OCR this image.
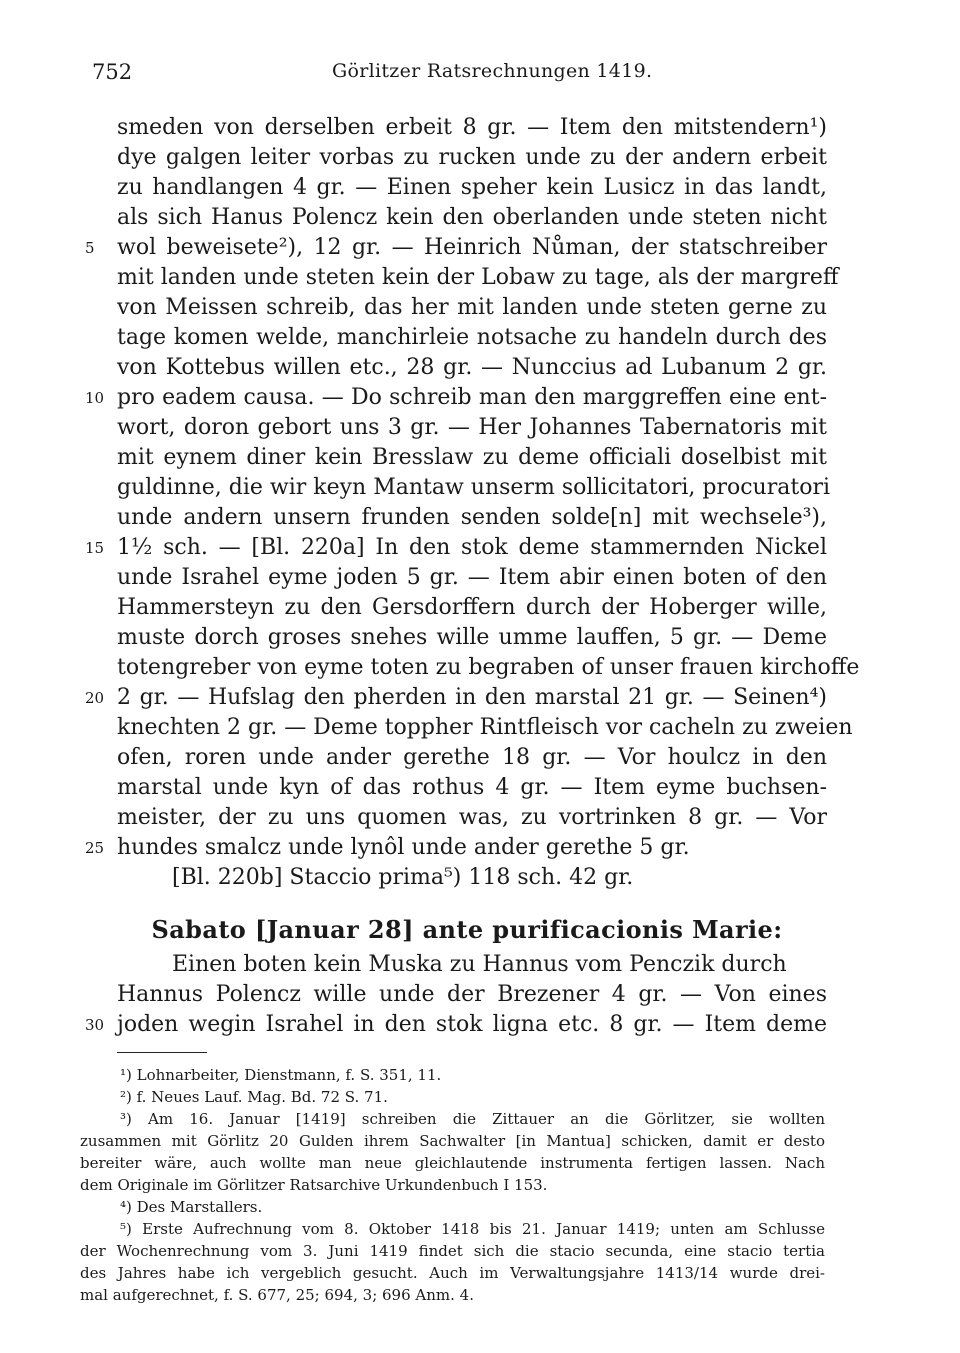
752	Görlitzer Ratsrechnungen 1419.
smeden von derselben erbeit 8 gr. — Item den mitstendern¹)
dye galgen leiter vorbas zu rucken unde zu der andern erbeit
zu handlangen 4 gr. — Einen speher kein Lusicz in das landt,
als sich Hanus Polencz kein den oberlanden unde steten nicht
5	wol beweisete²), 12 gr. — Heinrich Nůman, der statschreiber
mit landen unde steten kein der Lobaw zu tage, als der margreff
von Meissen schreib, das her mit landen unde steten gerne zu
tage komen welde, manchirleie notsache zu handeln durch des
von Kottebus willen etc., 28 gr. — Nunccius ad Lubanum 2 gr.
10 pro eadem causa. — Do schreib man den marggreffen eine ent-
wort, doron gebort uns 3 gr. — Her Johannes Tabernatoris mit
mit eynem diner kein Bresslaw zu deme officiali doselbist mit
guldinne, die wir keyn Mantaw unserm sollicitatori, procuratori
unde andern unsern frunden senden solde[n] mit wechsele³),
15 1½ sch. — [Bl. 220a] In den stok deme stammernden Nickel
unde Israhel eyme joden 5 gr. — Item abir einen boten of den
Hammersteyn zu den Gersdorffern durch der Hoberger wille,
muste dorch groses snehes wille umme lauffen, 5 gr. — Deme
totengreber von eyme toten zu begraben of unser frauen kirchoffe
20 2 gr. — Hufslag den pherden in den marstal 21 gr. — Seinen⁴)
knechten 2 gr. — Deme toppher Rintfleisch vor cacheln zu zweien
ofen, roren unde ander gerethe 18 gr. — Vor houlcz in den
marstal unde kyn of das rothus 4 gr. — Item eyme buchsen-
meister, der zu uns quomen was, zu vortrinken 8 gr. — Vor
25 hundes smalcz unde lynôl unde ander gerethe 5 gr.
[Bl. 220b] Staccio prima⁵) 118 sch. 42 gr.
Sabato [Januar 28] ante purificacionis Marie:
Einen boten kein Muska zu Hannus vom Penczik durch
Hannus Polencz wille unde der Brezener 4 gr. — Von eines
30 joden wegin Israhel in den stok ligna etc. 8 gr. — Item deme
¹) Lohnarbeiter, Dienstmann, f. S. 351, 11.
²) f. Neues Lauf. Mag. Bd. 72 S. 71.
³) Am 16. Januar [1419] schreiben die Zittauer an die Görlitzer, sie wollten
zusammen mit Görlitz 20 Gulden ihrem Sachwalter [in Mantua] schicken, damit er desto
bereiter wäre, auch wollte man neue gleichlautende instrumenta fertigen lassen. Nach
dem Originale im Görlitzer Ratsarchive Urkundenbuch I 153.
⁴) Des Marstallers.
⁵) Erste Aufrechnung vom 8. Oktober 1418 bis 21. Januar 1419; unten am Schlusse
der Wochenrechnung vom 3. Juni 1419 findet sich die stacio secunda, eine stacio tertia
des Jahres habe ich vergeblich gesucht. Auch im Verwaltungsjahre 1413/14 wurde drei-
mal aufgerechnet, f. S. 677, 25; 694, 3; 696 Anm. 4.
